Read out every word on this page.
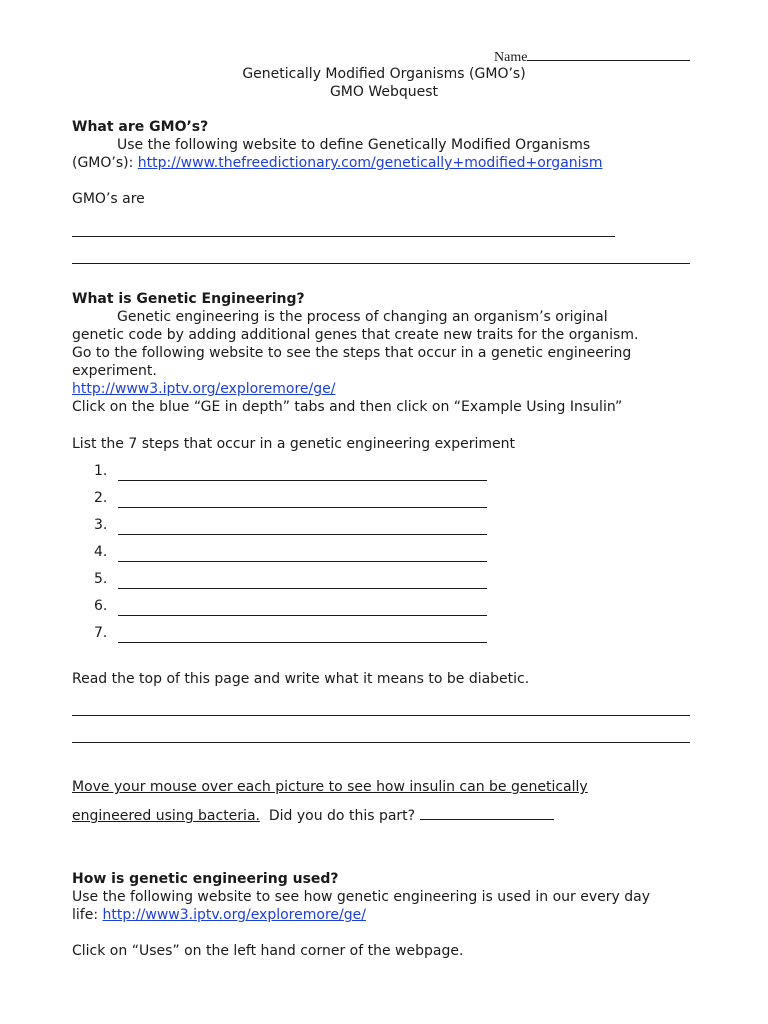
Name
Genetically Modified Organisms (GMO’s)
GMO Webquest
What are GMO’s?
Use the following website to define Genetically Modified Organisms
(GMO’s): http://www.thefreedictionary.com/genetically+modified+organism
GMO’s are
What is Genetic Engineering?
Genetic engineering is the process of changing an organism’s original
genetic code by adding additional genes that create new traits for the organism.
Go to the following website to see the steps that occur in a genetic engineering
experiment.
http://www3.iptv.org/exploremore/ge/
Click on the blue “GE in depth” tabs and then click on “Example Using Insulin”
List the 7 steps that occur in a genetic engineering experiment
1.
2.
3.
4.
5.
6.
7.
Read the top of this page and write what it means to be diabetic.
Move your mouse over each picture to see how insulin can be genetically
engineered using bacteria.  Did you do this part?
How is genetic engineering used?
Use the following website to see how genetic engineering is used in our every day
life: http://www3.iptv.org/exploremore/ge/
Click on “Uses” on the left hand corner of the webpage.
